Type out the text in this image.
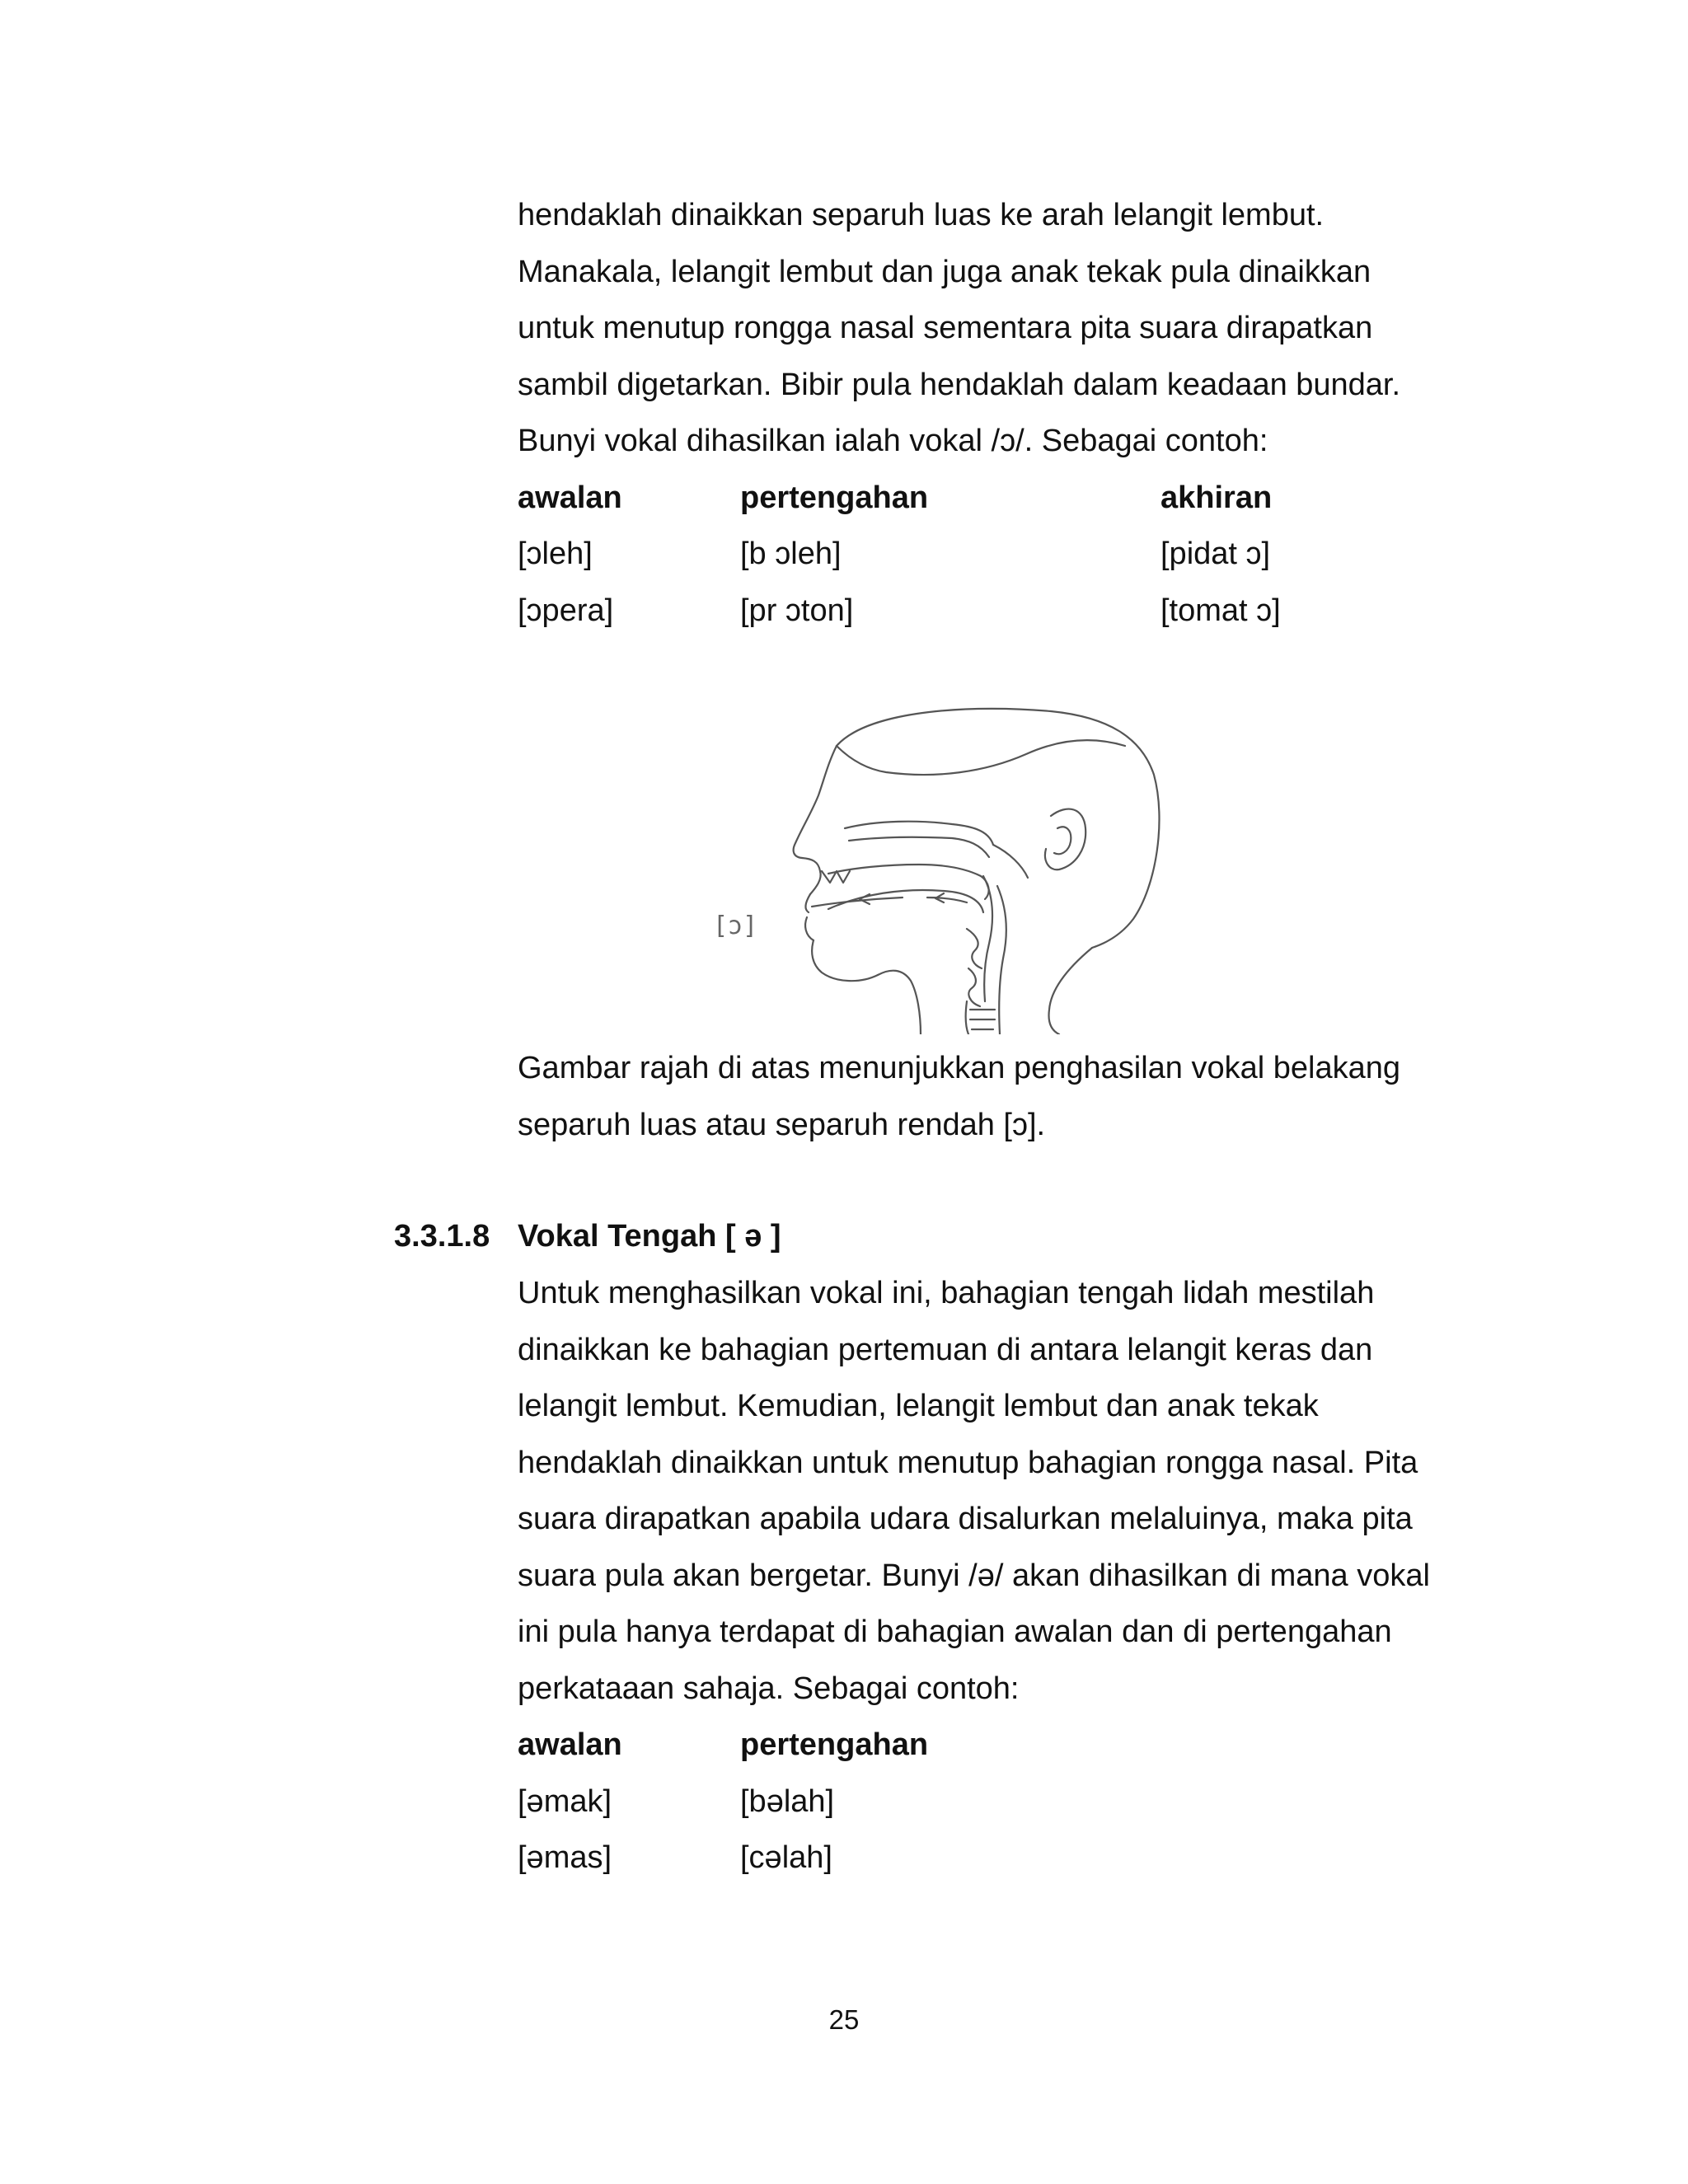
hendaklah dinaikkan separuh luas ke arah lelangit lembut.
Manakala, lelangit lembut dan juga anak tekak pula dinaikkan
untuk menutup rongga nasal sementara pita suara dirapatkan
sambil digetarkan. Bibir pula hendaklah dalam keadaan bundar.
Bunyi vokal dihasilkan ialah vokal /ɔ/. Sebagai contoh:
awalan	pertengahan	akhiran
[ɔleh]	[b ɔleh]	[pidat ɔ]
[ɔpera]	[pr ɔton]	[tomat ɔ]
[ɔ]
Gambar rajah di atas menunjukkan penghasilan vokal belakang
separuh luas atau separuh rendah [ɔ].
3.3.1.8 Vokal Tengah [ ə ]
Untuk menghasilkan vokal ini, bahagian tengah lidah mestilah
dinaikkan ke bahagian pertemuan di antara lelangit keras dan
lelangit lembut. Kemudian, lelangit lembut dan anak tekak
hendaklah dinaikkan untuk menutup bahagian rongga nasal. Pita
suara dirapatkan apabila udara disalurkan melaluinya, maka pita
suara pula akan bergetar. Bunyi /ə/ akan dihasilkan di mana vokal
ini pula hanya terdapat di bahagian awalan dan di pertengahan
perkataaan sahaja. Sebagai contoh:
awalan	pertengahan
[əmak]	[bəlah]
[əmas]	[cəlah]
25
